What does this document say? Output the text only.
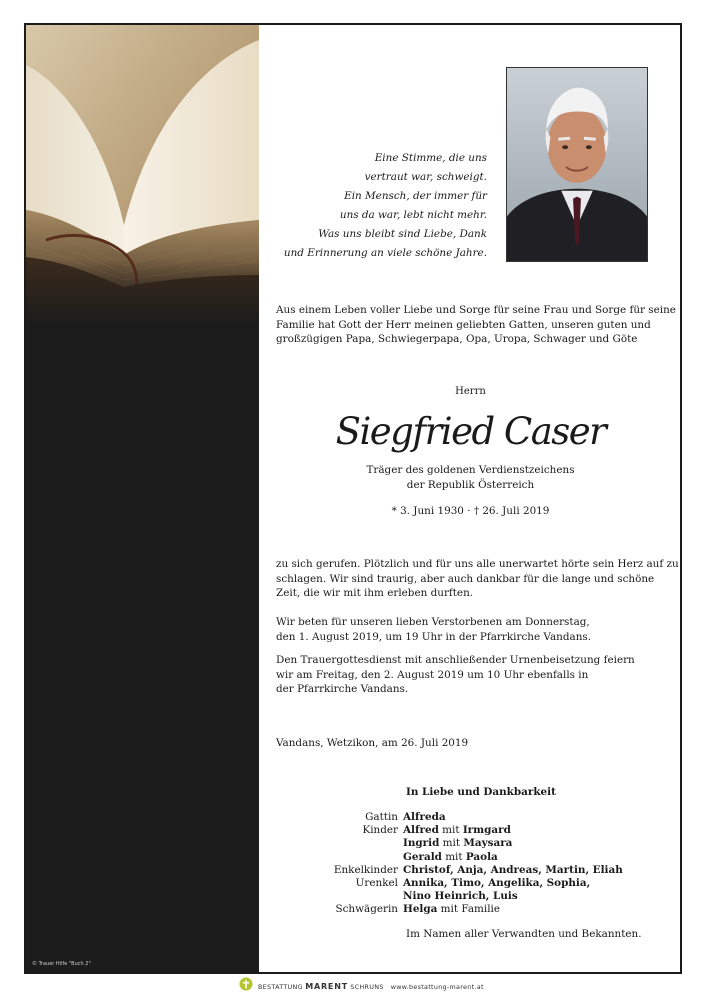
© Trauer Hilfe "Buch 2"

Eine Stimme, die uns

vertraut war, schweigt.

Ein Mensch, der immer für

uns da war, lebt nicht mehr.

Was uns bleibt sind Liebe, Dank

und Erinnerung an viele schöne Jahre.

Aus einem Leben voller Liebe und Sorge für seine Frau und Sorge für seine Familie hat Gott der Herr meinen geliebten Gatten, unseren guten und großzügigen Papa, Schwiegerpapa, Opa, Uropa, Schwager und Göte

Herrn
Siegfried Caser
Träger des goldenen Verdienstzeichens
der Republik Österreich
* 3. Juni 1930 · † 26. Juli 2019

zu sich gerufen. Plötzlich und für uns alle unerwartet hörte sein Herz auf zu schlagen. Wir sind traurig, aber auch dankbar für die lange und schöne Zeit, die wir mit ihm erleben durften.

Wir beten für unseren lieben Verstorbenen am Donnerstag,
den 1. August 2019, um 19 Uhr in der Pfarrkirche Vandans.
Den Trauergottesdienst mit anschließender Urnenbeisetzung feiern
wir am Freitag, den 2. August 2019 um 10 Uhr ebenfalls in
der Pfarrkirche Vandans.
Vandans, Wetzikon, am 26. Juli 2019
In Liebe und Dankbarkeit
Gattin	Alfreda
Kinder	Alfred mit Irmgard
	Ingrid mit Maysara
	Gerald mit Paola
Enkelkinder	Christof, Anja, Andreas, Martin, Eliah
Urenkel	Annika, Timo, Angelika, Sophia,
	Nino Heinrich, Luis
Schwägerin	Helga mit Familie
Im Namen aller Verwandten und Bekannten.
BESTATTUNG MARENT SCHRUNS www.bestattung-marent.at
